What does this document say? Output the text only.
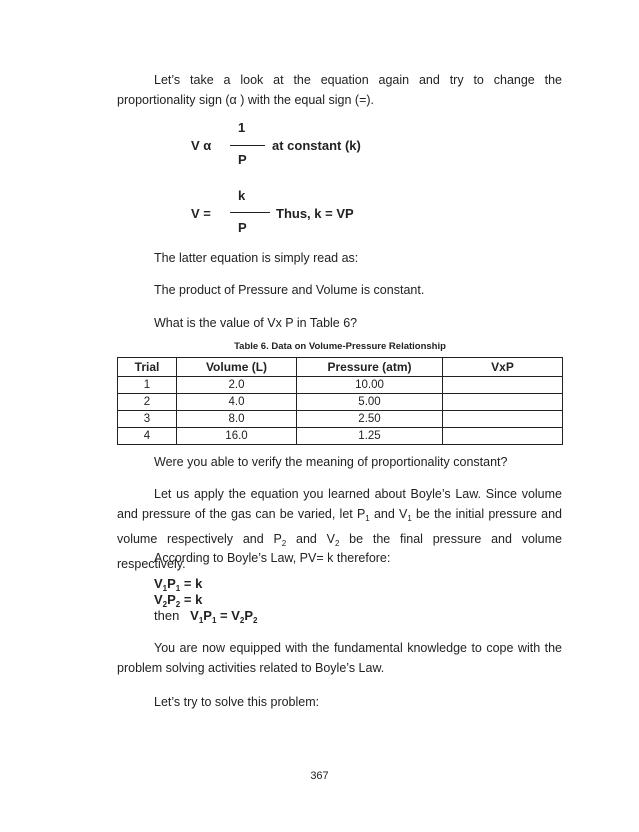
Let’s take a look at the equation again and try to change the proportionality sign (α ) with the equal sign (=).
V α
1
P
at constant (k)
V =
k
P
Thus, k = VP
The latter equation is simply read as:
The product of Pressure and Volume is constant.
What is the value of Vx P in Table 6?
Table 6. Data on Volume-Pressure Relationship
Trial	Volume (L)	Pressure (atm)	VxP
1	2.0	10.00	
2	4.0	5.00	
3	8.0	2.50	
4	16.0	1.25	
Were you able to verify the meaning of proportionality constant?
Let us apply the equation you learned about Boyle’s Law. Since volume and pressure of the gas can be varied, let $P_1$ and $V_1$ be the initial pressure and volume respectively and $P_2$ and $V_2$ be the final pressure and volume respectively.
According to Boyle’s Law, PV= k therefore:
$V_1P_1 = k$
$V_2P_2 = k$
then $V_1P_1 = V_2P_2$
You are now equipped with the fundamental knowledge to cope with the problem solving activities related to Boyle’s Law.
Let’s try to solve this problem:
367
